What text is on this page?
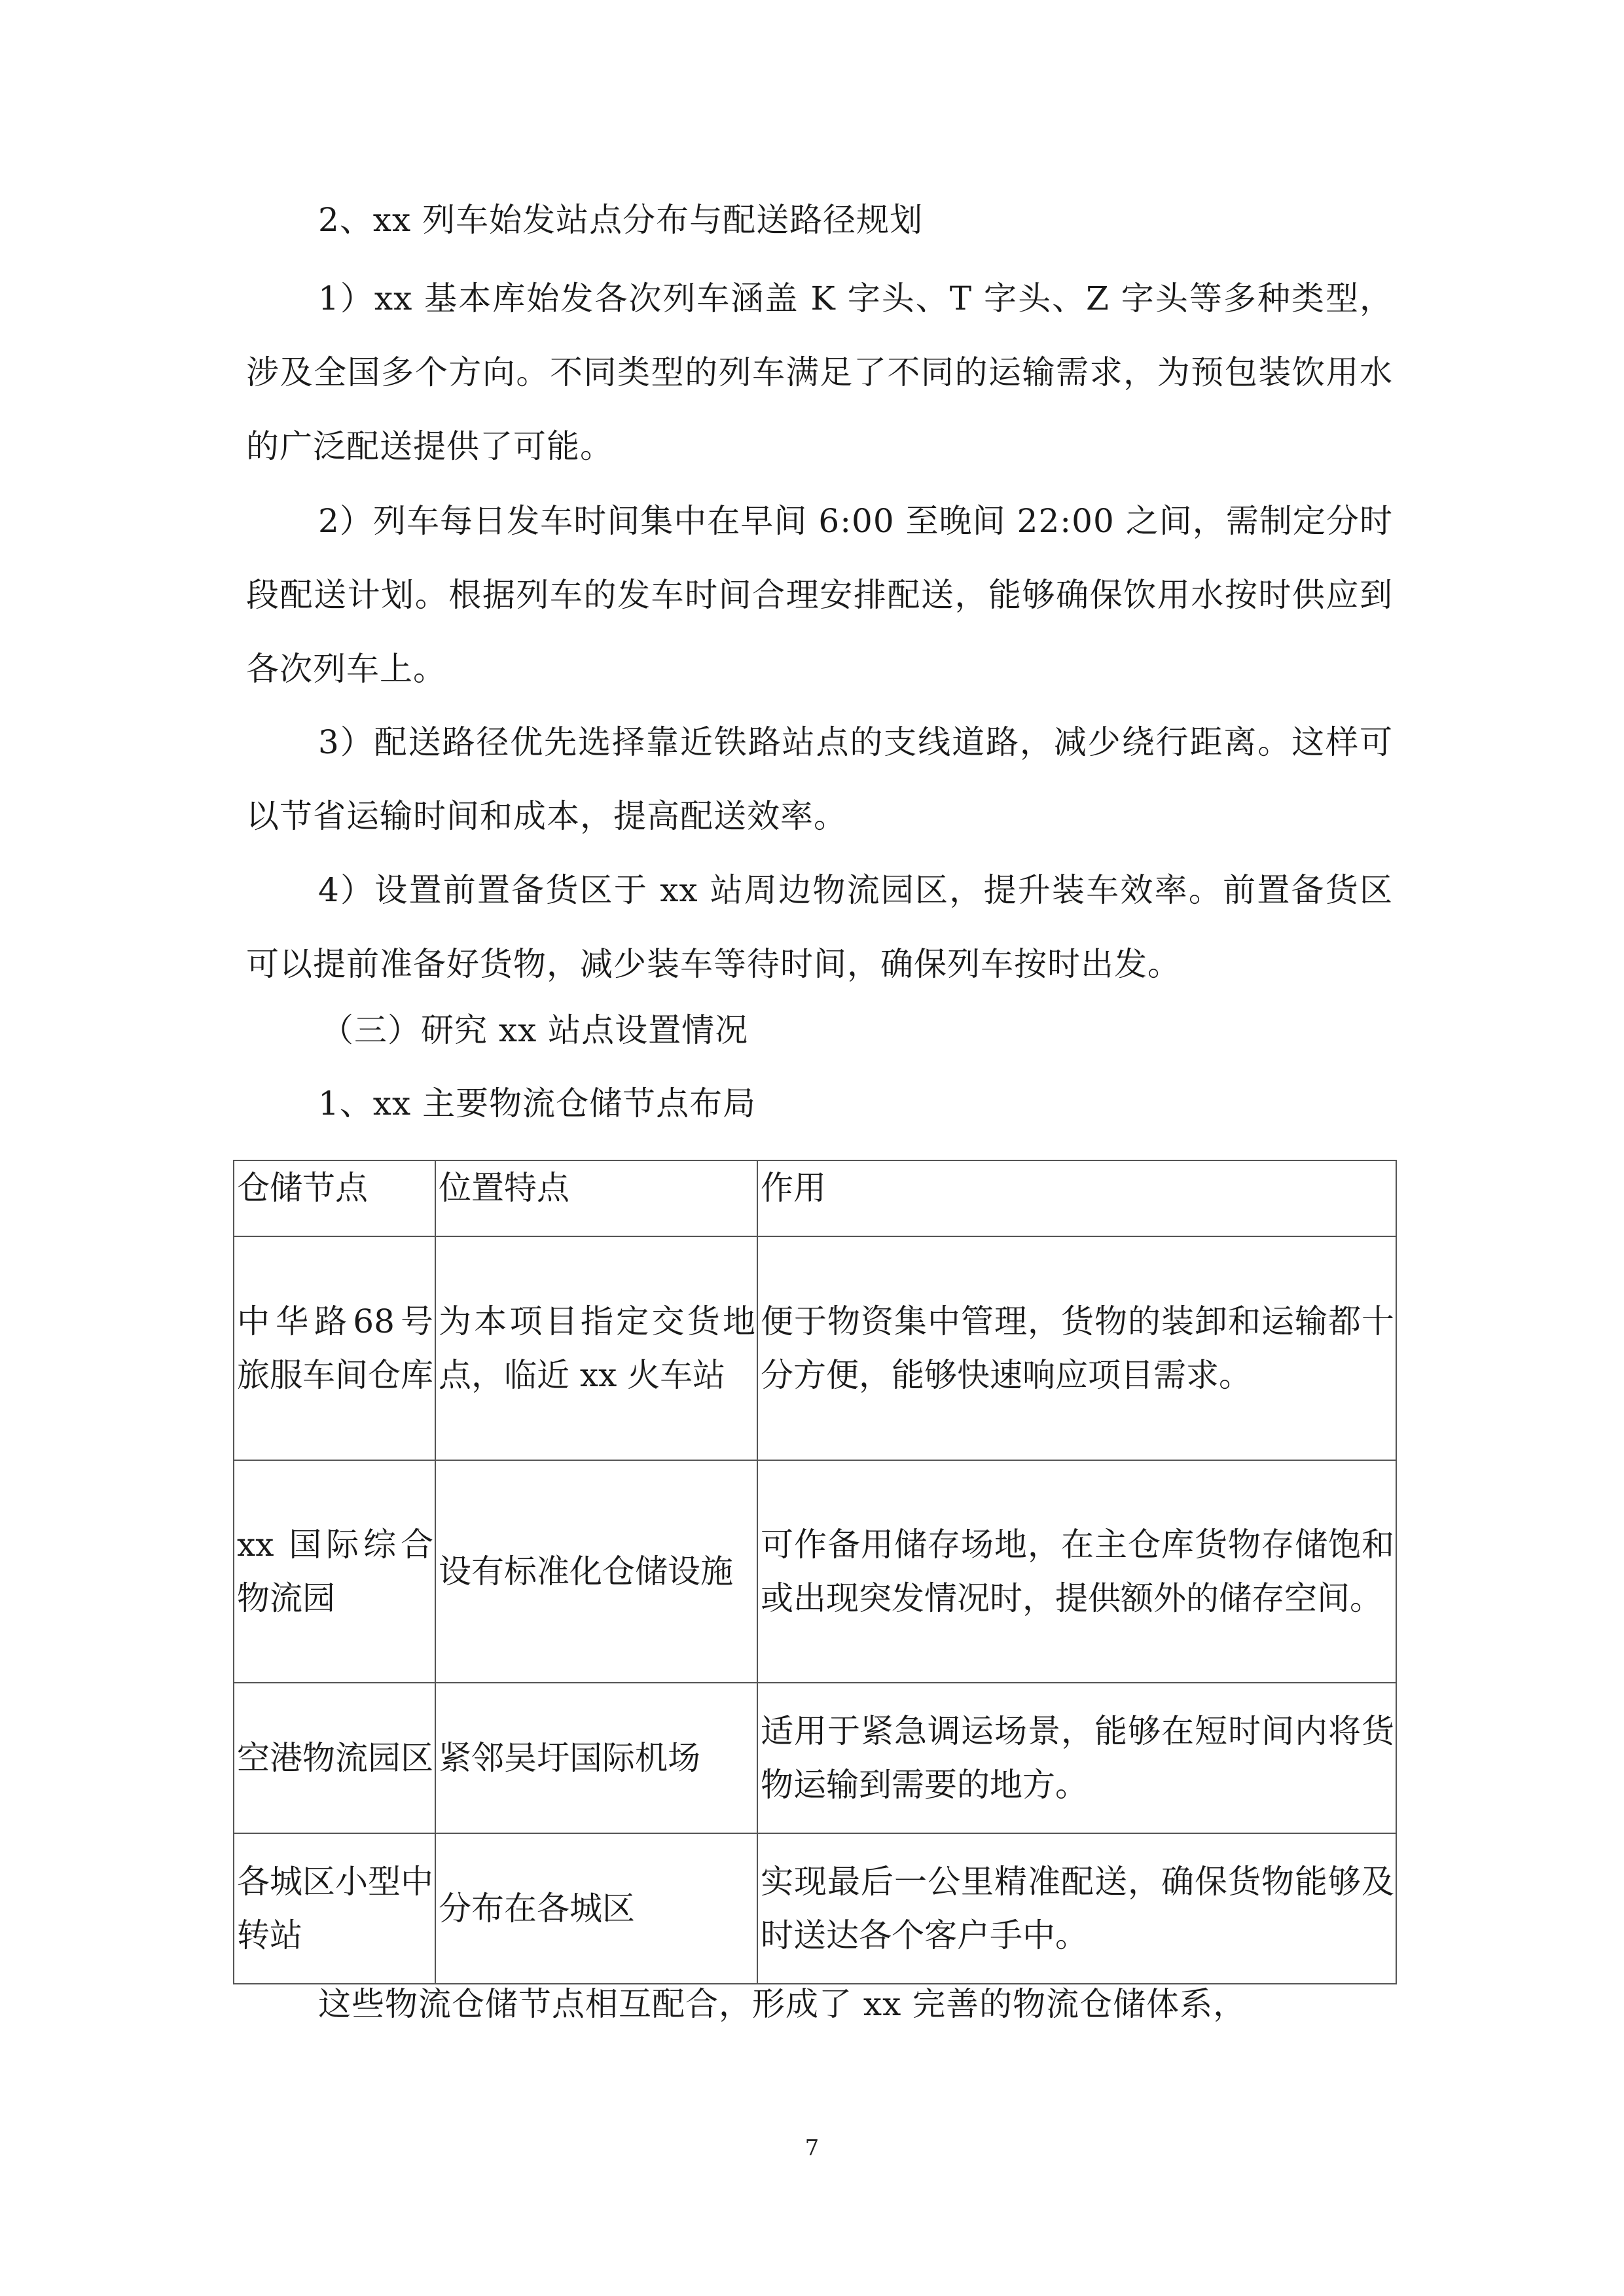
2、xx 列车始发站点分布与配送路径规划

1）xx 基本库始发各次列车涵盖 K 字头、T 字头、Z 字头等多种类型，涉及全国多个方向。不同类型的列车满足了不同的运输需求，为预包装饮用水的广泛配送提供了可能。

2）列车每日发车时间集中在早间 6:00 至晚间 22:00 之间，需制定分时段配送计划。根据列车的发车时间合理安排配送，能够确保饮用水按时供应到各次列车上。

3）配送路径优先选择靠近铁路站点的支线道路，减少绕行距离。这样可以节省运输时间和成本，提高配送效率。

4）设置前置备货区于 xx 站周边物流园区，提升装车效率。前置备货区可以提前准备好货物，减少装车等待时间，确保列车按时出发。

（三）研究 xx 站点设置情况

1、xx 主要物流仓储节点布局

仓储节点	位置特点	作用
中华路68号旅服车间仓库	为本项目指定交货地点，临近 xx 火车站	便于物资集中管理，货物的装卸和运输都十分方便，能够快速响应项目需求。
xx 国际综合物流园	设有标准化仓储设施	可作备用储存场地，在主仓库货物存储饱和或出现突发情况时，提供额外的储存空间。
空港物流园区	紧邻吴圩国际机场	适用于紧急调运场景，能够在短时间内将货物运输到需要的地方。
各城区小型中转站	分布在各城区	实现最后一公里精准配送，确保货物能够及时送达各个客户手中。

这些物流仓储节点相互配合，形成了 xx 完善的物流仓储体系，

7
